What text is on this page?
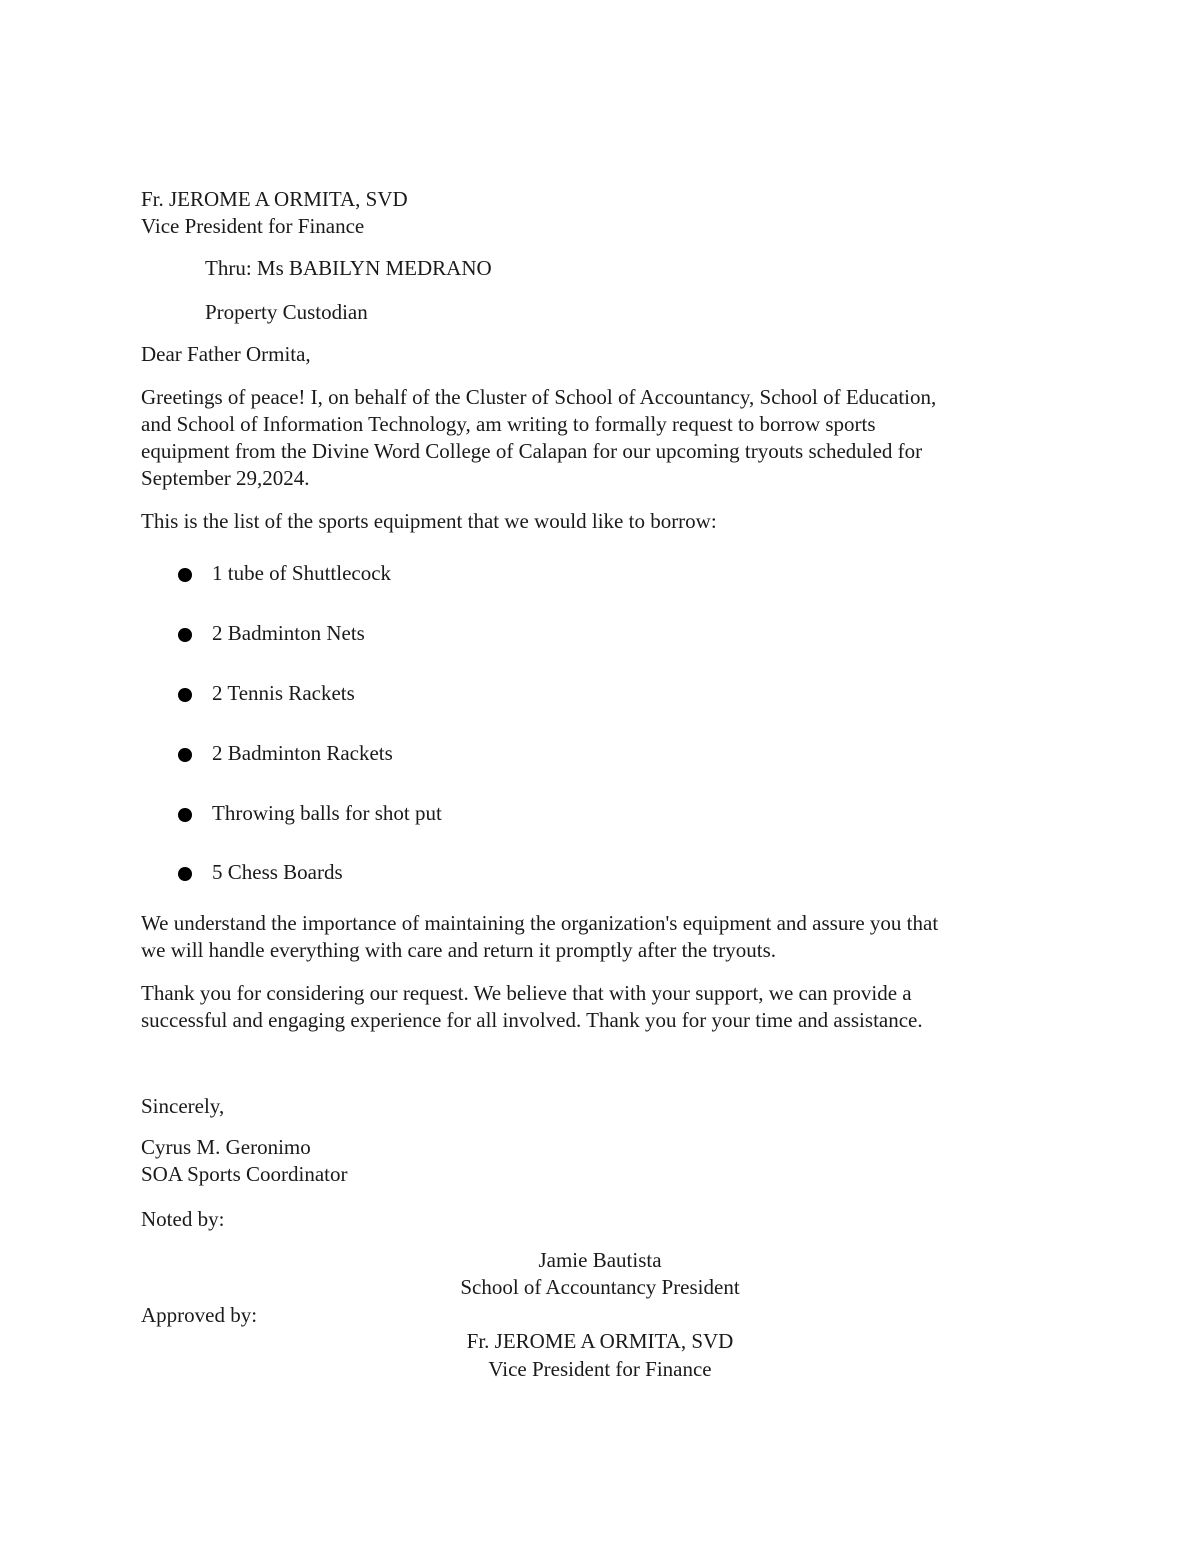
Fr. JEROME A ORMITA, SVD
Vice President for Finance
Thru: Ms BABILYN MEDRANO
Property Custodian
Dear Father Ormita,
Greetings of peace! I, on behalf of the Cluster of School of Accountancy, School of Education,
and School of Information Technology, am writing to formally request to borrow sports
equipment from the Divine Word College of Calapan for our upcoming tryouts scheduled for
September 29,2024.
This is the list of the sports equipment that we would like to borrow:
1 tube of Shuttlecock
2 Badminton Nets
2 Tennis Rackets
2 Badminton Rackets
Throwing balls for shot put
5 Chess Boards
We understand the importance of maintaining the organization's equipment and assure you that
we will handle everything with care and return it promptly after the tryouts.
Thank you for considering our request. We believe that with your support, we can provide a
successful and engaging experience for all involved. Thank you for your time and assistance.
Sincerely,
Cyrus M. Geronimo
SOA Sports Coordinator
Noted by:
Jamie Bautista
School of Accountancy President
Approved by:
Fr. JEROME A ORMITA, SVD
Vice President for Finance
